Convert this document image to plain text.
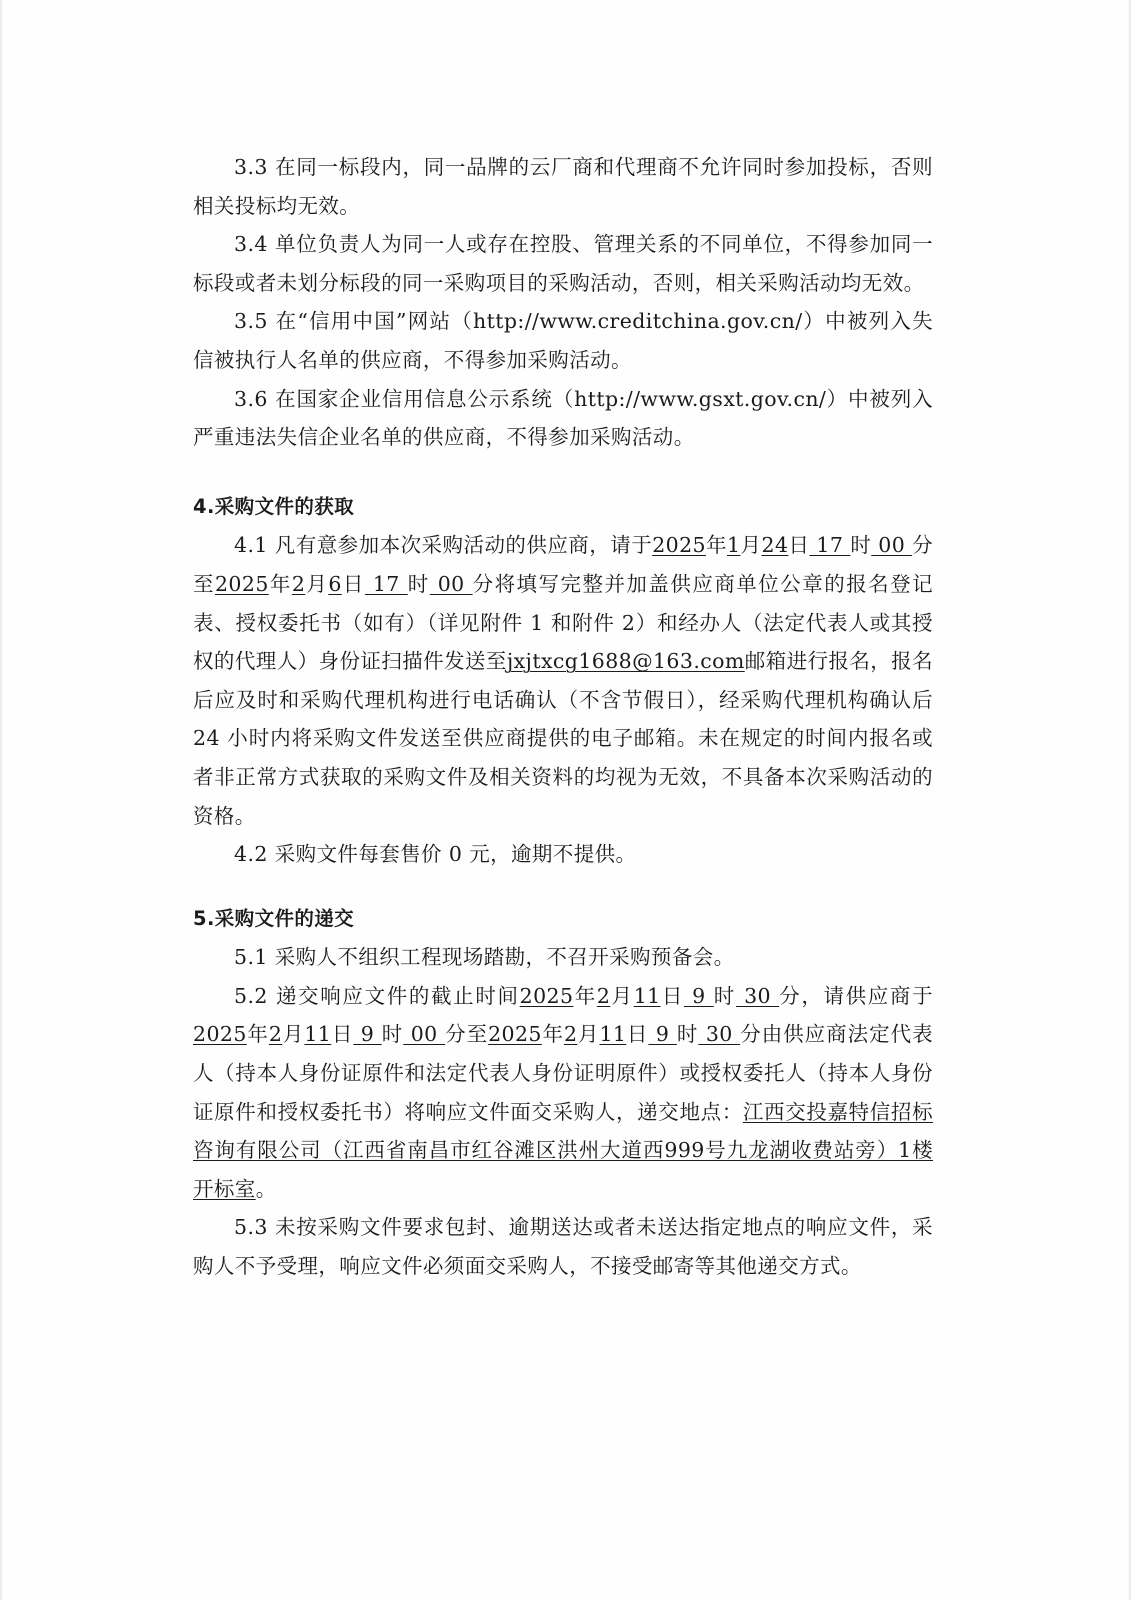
3.3 在同一标段内，同一品牌的云厂商和代理商不允许同时参加投标，否则相关投标均无效。

3.4 单位负责人为同一人或存在控股、管理关系的不同单位，不得参加同一标段或者未划分标段的同一采购项目的采购活动，否则，相关采购活动均无效。

3.5 在“信用中国”网站（http://www.creditchina.gov.cn/）中被列入失信被执行人名单的供应商，不得参加采购活动。

3.6 在国家企业信用信息公示系统（http://www.gsxt.gov.cn/）中被列入严重违法失信企业名单的供应商，不得参加采购活动。

4.采购文件的获取

4.1 凡有意参加本次采购活动的供应商，请于2025年1月24日 17 时 00 分至2025年2月6日 17 时 00 分将填写完整并加盖供应商单位公章的报名登记表、授权委托书（如有）（详见附件 1 和附件 2）和经办人（法定代表人或其授权的代理人）身份证扫描件发送至jxjtxcg1688@163.com邮箱进行报名，报名后应及时和采购代理机构进行电话确认（不含节假日），经采购代理机构确认后 24 小时内将采购文件发送至供应商提供的电子邮箱。未在规定的时间内报名或者非正常方式获取的采购文件及相关资料的均视为无效，不具备本次采购活动的资格。

4.2 采购文件每套售价 0 元，逾期不提供。

5.采购文件的递交

5.1 采购人不组织工程现场踏勘，不召开采购预备会。

5.2 递交响应文件的截止时间2025年2月11日 9 时 30 分，请供应商于2025年2月11日 9 时 00 分至2025年2月11日 9 时 30 分由供应商法定代表人（持本人身份证原件和法定代表人身份证明原件）或授权委托人（持本人身份证原件和授权委托书）将响应文件面交采购人，递交地点：江西交投嘉特信招标咨询有限公司（江西省南昌市红谷滩区洪州大道西999号九龙湖收费站旁）1楼开标室。

5.3 未按采购文件要求包封、逾期送达或者未送达指定地点的响应文件，采购人不予受理，响应文件必须面交采购人，不接受邮寄等其他递交方式。
